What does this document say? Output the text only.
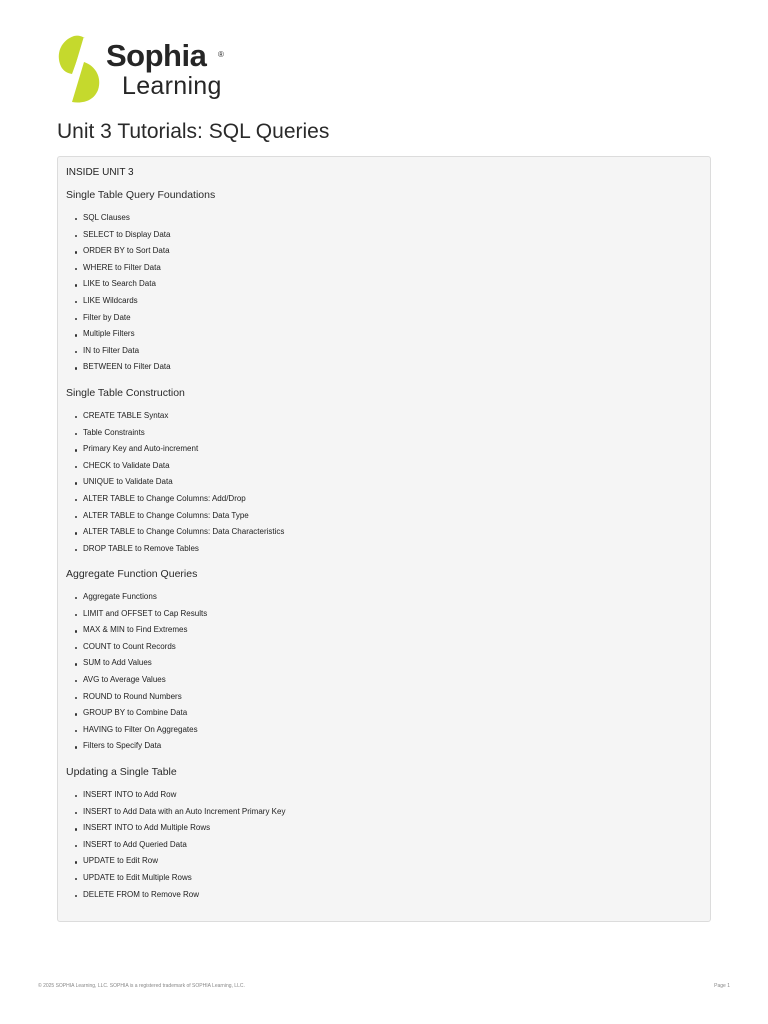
Sophia ®
Learning
Unit 3 Tutorials: SQL Queries
INSIDE UNIT 3
Single Table Query Foundations
SQL Clauses
SELECT to Display Data
ORDER BY to Sort Data
WHERE to Filter Data
LIKE to Search Data
LIKE Wildcards
Filter by Date
Multiple Filters
IN to Filter Data
BETWEEN to Filter Data
Single Table Construction
CREATE TABLE Syntax
Table Constraints
Primary Key and Auto-increment
CHECK to Validate Data
UNIQUE to Validate Data
ALTER TABLE to Change Columns: Add/Drop
ALTER TABLE to Change Columns: Data Type
ALTER TABLE to Change Columns: Data Characteristics
DROP TABLE to Remove Tables
Aggregate Function Queries
Aggregate Functions
LIMIT and OFFSET to Cap Results
MAX & MIN to Find Extremes
COUNT to Count Records
SUM to Add Values
AVG to Average Values
ROUND to Round Numbers
GROUP BY to Combine Data
HAVING to Filter On Aggregates
Filters to Specify Data
Updating a Single Table
INSERT INTO to Add Row
INSERT to Add Data with an Auto Increment Primary Key
INSERT INTO to Add Multiple Rows
INSERT to Add Queried Data
UPDATE to Edit Row
UPDATE to Edit Multiple Rows
DELETE FROM to Remove Row
© 2025 SOPHIA Learning, LLC. SOPHIA is a registered trademark of SOPHIA Learning, LLC.	Page 1
